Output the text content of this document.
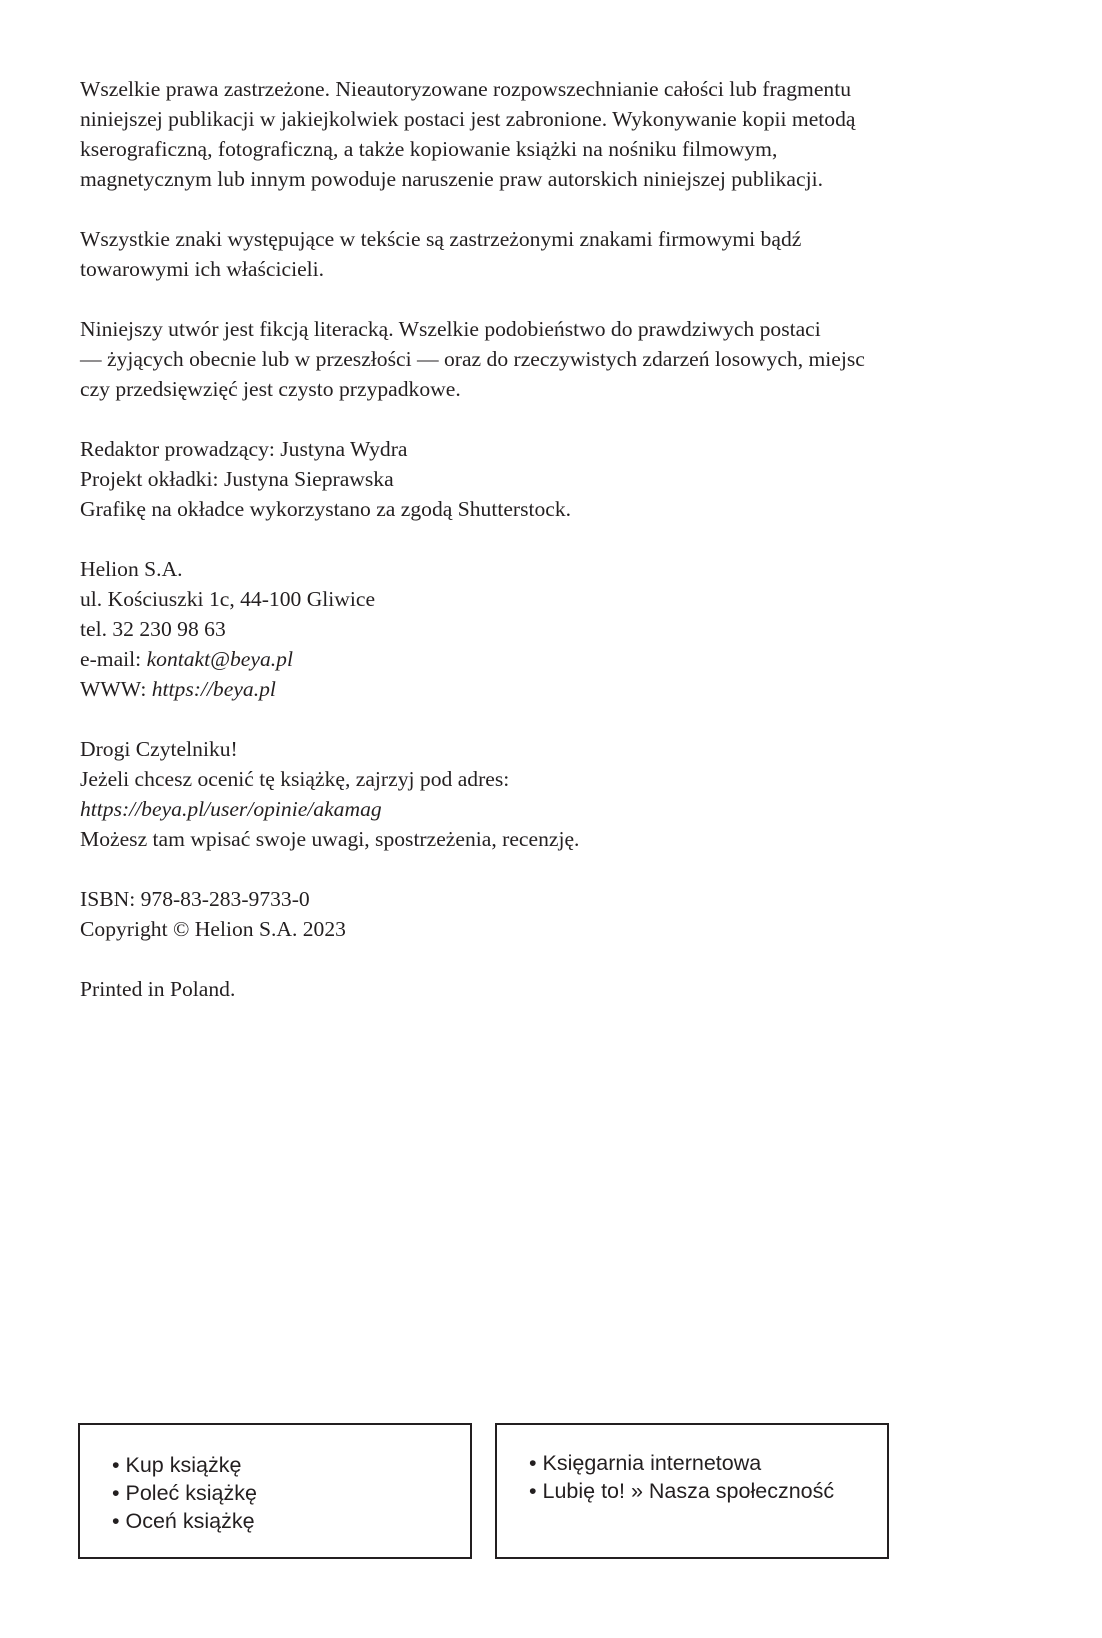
Wszelkie prawa zastrzeżone. Nieautoryzowane rozpowszechnianie całości lub fragmentu
niniejszej publikacji w jakiejkolwiek postaci jest zabronione. Wykonywanie kopii metodą
kserograficzną, fotograficzną, a także kopiowanie książki na nośniku filmowym,
magnetycznym lub innym powoduje naruszenie praw autorskich niniejszej publikacji.

Wszystkie znaki występujące w tekście są zastrzeżonymi znakami firmowymi bądź
towarowymi ich właścicieli.

Niniejszy utwór jest fikcją literacką. Wszelkie podobieństwo do prawdziwych postaci
— żyjących obecnie lub w przeszłości — oraz do rzeczywistych zdarzeń losowych, miejsc
czy przedsięwzięć jest czysto przypadkowe.

Redaktor prowadzący: Justyna Wydra
Projekt okładki: Justyna Sieprawska
Grafikę na okładce wykorzystano za zgodą Shutterstock.

Helion S.A.
ul. Kościuszki 1c, 44-100 Gliwice
tel. 32 230 98 63
e-mail: kontakt@beya.pl
WWW: https://beya.pl

Drogi Czytelniku!
Jeżeli chcesz ocenić tę książkę, zajrzyj pod adres:
https://beya.pl/user/opinie/akamag
Możesz tam wpisać swoje uwagi, spostrzeżenia, recenzję.

ISBN: 978-83-283-9733-0
Copyright © Helion S.A. 2023

Printed in Poland.

• Kup książkę
• Poleć książkę
• Oceń książkę
• Księgarnia internetowa
• Lubię to! » Nasza społeczność
